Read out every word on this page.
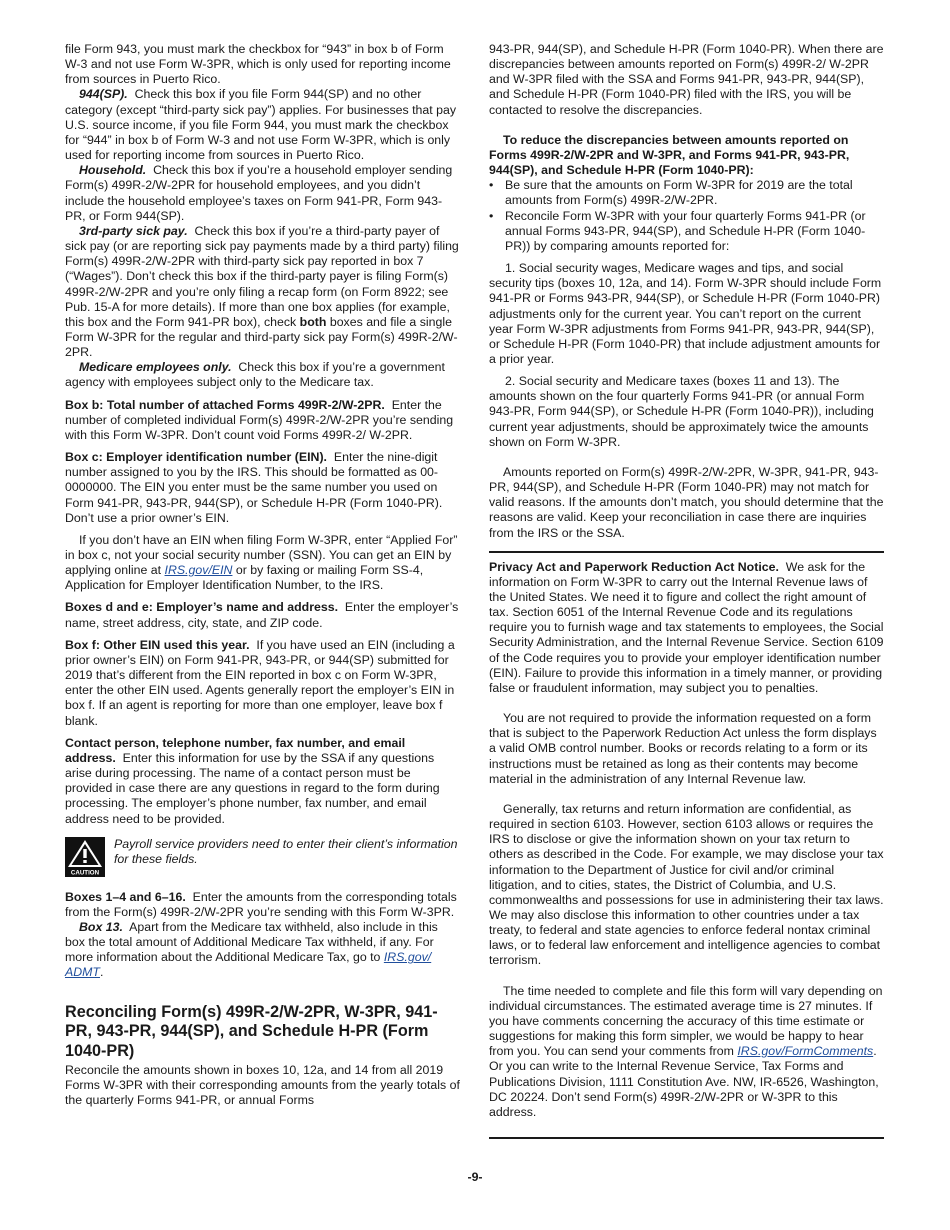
file Form 943, you must mark the checkbox for “943” in box b of Form W-3 and not use Form W-3PR, which is only used for reporting income from sources in Puerto Rico.

944(SP). Check this box if you file Form 944(SP) and no other category (except “third-party sick pay”) applies. For businesses that pay U.S. source income, if you file Form 944, you must mark the checkbox for “944” in box b of Form W-3 and not use Form W-3PR, which is only used for reporting income from sources in Puerto Rico.

Household. Check this box if you’re a household employer sending Form(s) 499R-2/W-2PR for household employees, and you didn’t include the household employee’s taxes on Form 941-PR, Form 943-PR, or Form 944(SP).

3rd-party sick pay. Check this box if you’re a third-party payer of sick pay (or are reporting sick pay payments made by a third party) filing Form(s) 499R-2/W-2PR with third-party sick pay reported in box 7 (“Wages”). Don’t check this box if the third-party payer is filing Form(s) 499R-2/W-2PR and you’re only filing a recap form (on Form 8922; see Pub. 15-A for more details). If more than one box applies (for example, this box and the Form 941-PR box), check both boxes and file a single Form W-3PR for the regular and third-party sick pay Form(s) 499R-2/W-2PR.

Medicare employees only. Check this box if you’re a government agency with employees subject only to the Medicare tax.

Box b: Total number of attached Forms 499R-2/W-2PR. Enter the number of completed individual Form(s) 499R-2/W-2PR you’re sending with this Form W-3PR. Don’t count void Forms 499R-2/ W-2PR.

Box c: Employer identification number (EIN). Enter the nine-digit number assigned to you by the IRS. This should be formatted as 00-0000000. The EIN you enter must be the same number you used on Form 941-PR, 943-PR, 944(SP), or Schedule H-PR (Form 1040-PR). Don’t use a prior owner’s EIN.

If you don’t have an EIN when filing Form W-3PR, enter “Applied For” in box c, not your social security number (SSN). You can get an EIN by applying online at IRS.gov/EIN or by faxing or mailing Form SS-4, Application for Employer Identification Number, to the IRS.

Boxes d and e: Employer’s name and address. Enter the employer’s name, street address, city, state, and ZIP code.

Box f: Other EIN used this year. If you have used an EIN (including a prior owner’s EIN) on Form 941-PR, 943-PR, or 944(SP) submitted for 2019 that’s different from the EIN reported in box c on Form W-3PR, enter the other EIN used. Agents generally report the employer’s EIN in box f. If an agent is reporting for more than one employer, leave box f blank.

Contact person, telephone number, fax number, and email address. Enter this information for use by the SSA if any questions arise during processing. The name of a contact person must be provided in case there are any questions in regard to the form during processing. The employer’s phone number, fax number, and email address need to be provided.

CAUTION
Payroll service providers need to enter their client’s information for these fields.

Boxes 1–4 and 6–16. Enter the amounts from the corresponding totals from the Form(s) 499R-2/W-2PR you’re sending with this Form W-3PR.

Box 13. Apart from the Medicare tax withheld, also include in this box the total amount of Additional Medicare Tax withheld, if any. For more information about the Additional Medicare Tax, go to IRS.gov/ ADMT.

Reconciling Form(s) 499R-2/W-2PR, W-3PR, 941-PR, 943-PR, 944(SP), and Schedule H-PR (Form 1040-PR)

Reconcile the amounts shown in boxes 10, 12a, and 14 from all 2019 Forms W-3PR with their corresponding amounts from the yearly totals of the quarterly Forms 941-PR, or annual Forms

943-PR, 944(SP), and Schedule H-PR (Form 1040-PR). When there are discrepancies between amounts reported on Form(s) 499R-2/ W-2PR and W-3PR filed with the SSA and Forms 941-PR, 943-PR, 944(SP), and Schedule H-PR (Form 1040-PR) filed with the IRS, you will be contacted to resolve the discrepancies.

To reduce the discrepancies between amounts reported on Forms 499R-2/W-2PR and W-3PR, and Forms 941-PR, 943-PR, 944(SP), and Schedule H-PR (Form 1040-PR):

• Be sure that the amounts on Form W-3PR for 2019 are the total amounts from Form(s) 499R-2/W-2PR.

• Reconcile Form W-3PR with your four quarterly Forms 941-PR (or annual Forms 943-PR, 944(SP), and Schedule H-PR (Form 1040-PR)) by comparing amounts reported for:

1. Social security wages, Medicare wages and tips, and social security tips (boxes 10, 12a, and 14). Form W-3PR should include Form 941-PR or Forms 943-PR, 944(SP), or Schedule H-PR (Form 1040-PR) adjustments only for the current year. You can’t report on the current year Form W-3PR adjustments from Forms 941-PR, 943-PR, 944(SP), or Schedule H-PR (Form 1040-PR) that include adjustment amounts for a prior year.

2. Social security and Medicare taxes (boxes 11 and 13). The amounts shown on the four quarterly Forms 941-PR (or annual Form 943-PR, Form 944(SP), or Schedule H-PR (Form 1040-PR)), including current year adjustments, should be approximately twice the amounts shown on Form W-3PR.

Amounts reported on Form(s) 499R-2/W-2PR, W-3PR, 941-PR, 943-PR, 944(SP), and Schedule H-PR (Form 1040-PR) may not match for valid reasons. If the amounts don’t match, you should determine that the reasons are valid. Keep your reconciliation in case there are inquiries from the IRS or the SSA.

Privacy Act and Paperwork Reduction Act Notice. We ask for the information on Form W-3PR to carry out the Internal Revenue laws of the United States. We need it to figure and collect the right amount of tax. Section 6051 of the Internal Revenue Code and its regulations require you to furnish wage and tax statements to employees, the Social Security Administration, and the Internal Revenue Service. Section 6109 of the Code requires you to provide your employer identification number (EIN). Failure to provide this information in a timely manner, or providing false or fraudulent information, may subject you to penalties.

You are not required to provide the information requested on a form that is subject to the Paperwork Reduction Act unless the form displays a valid OMB control number. Books or records relating to a form or its instructions must be retained as long as their contents may become material in the administration of any Internal Revenue law.

Generally, tax returns and return information are confidential, as required in section 6103. However, section 6103 allows or requires the IRS to disclose or give the information shown on your tax return to others as described in the Code. For example, we may disclose your tax information to the Department of Justice for civil and/or criminal litigation, and to cities, states, the District of Columbia, and U.S. commonwealths and possessions for use in administering their tax laws. We may also disclose this information to other countries under a tax treaty, to federal and state agencies to enforce federal nontax criminal laws, or to federal law enforcement and intelligence agencies to combat terrorism.

The time needed to complete and file this form will vary depending on individual circumstances. The estimated average time is 27 minutes. If you have comments concerning the accuracy of this time estimate or suggestions for making this form simpler, we would be happy to hear from you. You can send your comments from IRS.gov/FormComments. Or you can write to the Internal Revenue Service, Tax Forms and Publications Division, 1111 Constitution Ave. NW, IR-6526, Washington, DC 20224. Don’t send Form(s) 499R-2/W-2PR or W-3PR to this address.

-9-
